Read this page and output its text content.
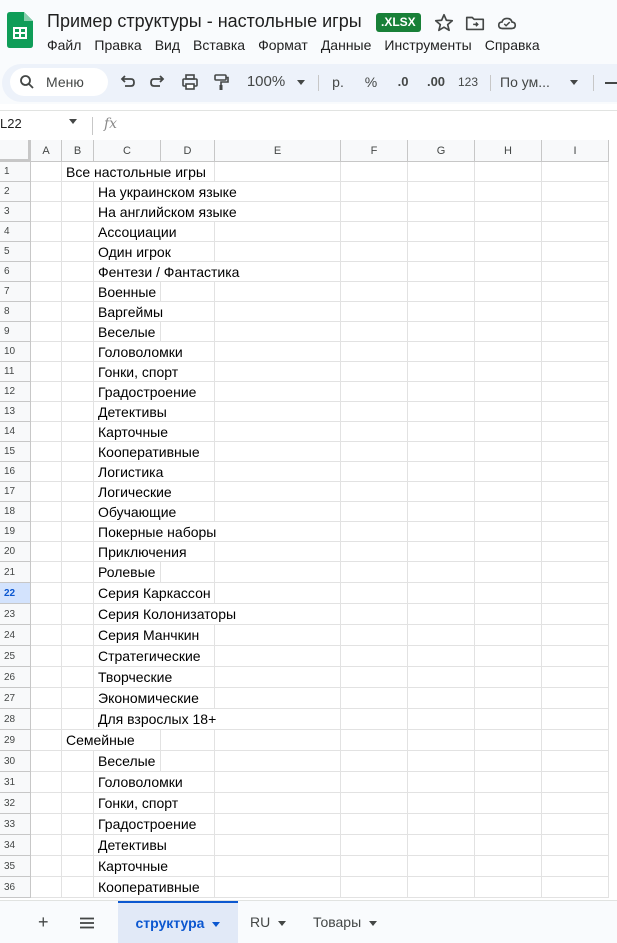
Пример структуры - настольные игры	.XLSX
Файл Правка Вид Вставка Формат Данные Инструменты Справка
Меню	100%	р.	%	.0	.00	123 По ум...
L22	fx
A	B	C	D	E	F	G	H	I
1	Все настольные игры
2	На украинском языке
3	На английском языке
4	Ассоциации
5	Один игрок
6	Фентези / Фантастика
7	Военные
8	Варгеймы
9	Веселые
10	Головоломки
11	Гонки, спорт
12	Градостроение
13	Детективы
14	Карточные
15	Кооперативные
16	Логистика
17	Логические
18	Обучающие
19	Покерные наборы
20	Приключения
21	Ролевые
22	Серия Каркассон
23	Серия Колонизаторы
24	Серия Манчкин
25	Стратегические
26	Творческие
27	Экономические
28	Для взрослых 18+
29	Семейные
30	Веселые
31	Головоломки
32	Гонки, спорт
33	Градостроение
34	Детективы
35	Карточные
36	Кооперативные
+	структура	RU	Товары
